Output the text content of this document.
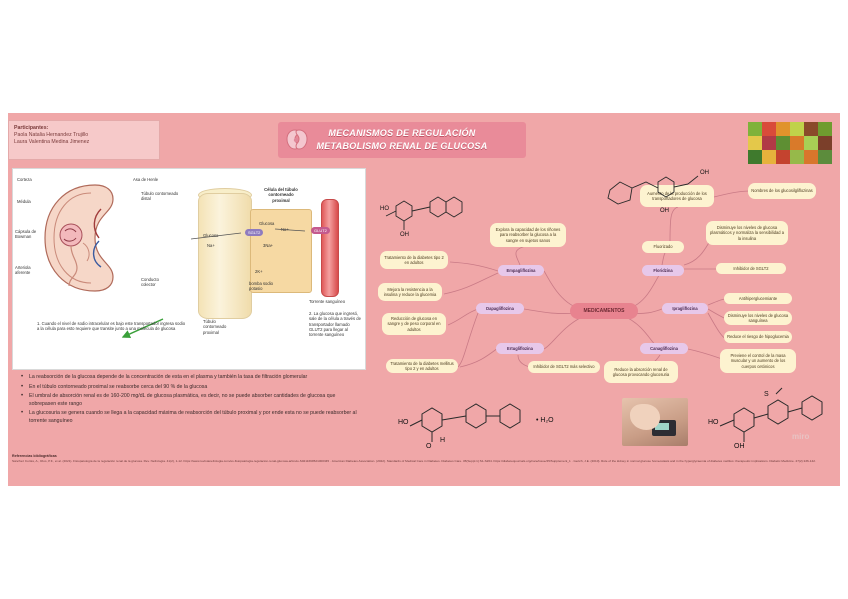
Participantes:
Paola Natalia Hernandez Trujillo
Laura Valentina Medina Jimenez
MECANISMOS DE REGULACIÓN
METABOLISMO RENAL DE GLUCOSA
Corteza
Médula
Cápsula de
Bowman
Arteriola
aferente
Asa de Henle
Túbulo contorneado
distal
Conducto
colector
Célula del túbulo
contorneado
proximal
Glucosa
Na+
Glucosa
Na+
3Na+
2K+
bomba sodio
potasio
Torrente sanguíneo
Túbulo
contorneado
proximal
SGLT2	GLUT2
1. Cuando el nivel de sodio intracelular es bajo este transportador ingresa sodio a la célula para esto requiere que transite junto a una molécula de glucosa
2. La glucosa que ingresó, sale de la célula a través de transportador llamado GLUT2 para llegar al torrente sanguíneo
• La reabsorción de la glucosa depende de la concentración de esta en el plasma y también la tasa de filtración glomerular
• En el túbulo contorneado proximal se reabsorbe cerca del 90 % de la glucosa
• El umbral de absorción renal es de 160-200 mg/dL de glucosa plasmática, es decir, no se puede absorber cantidades de glucosa que sobrepasen este rango
• La glucosuria se genera cuando se llega a la capacidad máxima de reabsorción del túbulo proximal y por ende esta no se puede reabsorber al torrente sanguíneo
Referencias bibliográficas
Sánchez Cortés, A., Ríos, P.F., et al. (2021). Fisiopatología de la regulación renal de la glucosa. Rev. Nefrología. 41(2), 1-12. https://www.revistanefrologia.com/es-fisiopatologia-regulacion-renal-glucosa-articulo-S0211699521000345 · American Diabetes Association. (2022). Standards of Medical Care in Diabetes. Diabetes Care. 45(Suppl.1):S1-S264. https://diabetesjournals.org/care/issue/45/Supplement_1 · Gerich, J.E. (2010). Role of the kidney in normal glucose homeostasis and in the hyperglycaemia of diabetes mellitus: therapeutic implications. Diabetic Medicine. 27(2):136-142.
MEDICAMENTOS
Empagliflozina
Dapagliflozina
Ertugliflozina
Floridzina
Ipragliflozina
Canagliflozina
Tratamiento de la diabetes tipo 2 en adultos
Mejora la resistencia a la insulina y reduce la glucemia
Reducción de glucosa en sangre y de peso corporal en adultos
Tratamiento de la diabetes mellitus tipo 2 y en adultos
Explora la capacidad de los riñones para reabsorber la glucosa a la sangre en sujetos sanos
Inhibidor de SGLT2 más selectivo
Aumento de la producción de los transportadores de glucosa
Fluorizado
Disminuye los niveles de glucosa plasmáticos y normaliza la sensibilidad a la insulina
Inhibidor de SGLT2
Antihiperglucemiante
Disminuye los niveles de glucosa sanguínea
Reduce el riesgo de hipoglucemia
Previene el control de la masa muscular y un aumento de los cuerpos cetónicos
Reduce la absorción renal de glucosa provocando glucosuria
Nombres de los glucosilgliflozinas
HO
OH
OH
OH
HO
O
H
• H₂O	HO
OH
S
miro
